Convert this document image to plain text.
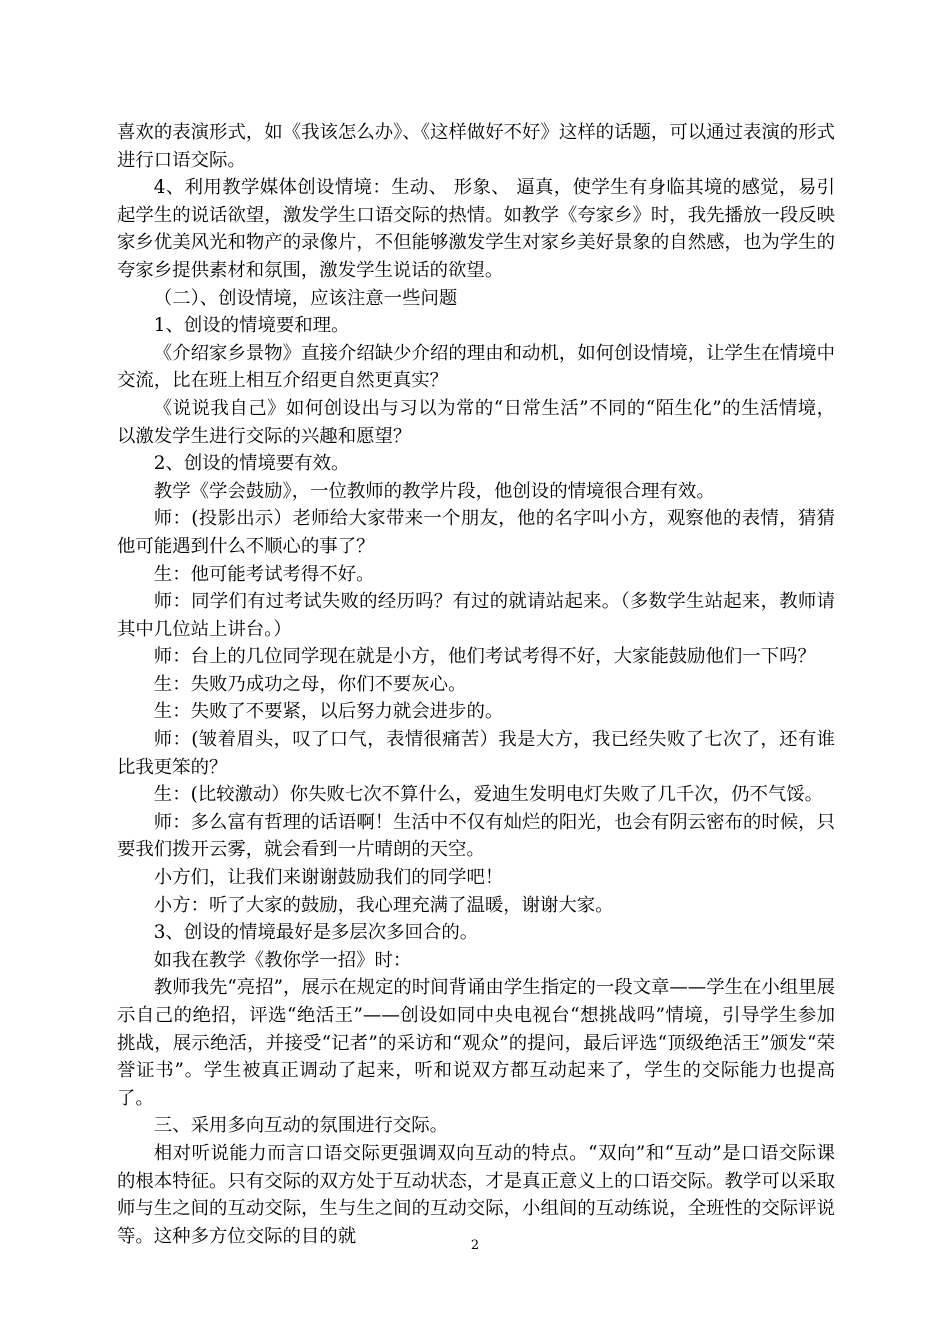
喜欢的表演形式，如《我该怎么办》、《这样做好不好》这样的话题，可以通过表演的形式进行口语交际。

4、利用教学媒体创设情境：生动、 形象、 逼真，使学生有身临其境的感觉，易引起学生的说话欲望，激发学生口语交际的热情。如教学《夸家乡》时，我先播放一段反映家乡优美风光和物产的录像片，不但能够激发学生对家乡美好景象的自然感，也为学生的夸家乡提供素材和氛围，激发学生说话的欲望。

（二）、创设情境，应该注意一些问题

1、创设的情境要和理。

《介绍家乡景物》直接介绍缺少介绍的理由和动机，如何创设情境，让学生在情境中交流，比在班上相互介绍更自然更真实？

《说说我自己》如何创设出与习以为常的“日常生活”不同的“陌生化”的生活情境，以激发学生进行交际的兴趣和愿望？

2、创设的情境要有效。

教学《学会鼓励》，一位教师的教学片段，他创设的情境很合理有效。

师：(投影出示）老师给大家带来一个朋友，他的名字叫小方，观察他的表情，猜猜他可能遇到什么不顺心的事了？

生：他可能考试考得不好。

师：同学们有过考试失败的经历吗？有过的就请站起来。（多数学生站起来，教师请其中几位站上讲台。）

师：台上的几位同学现在就是小方，他们考试考得不好，大家能鼓励他们一下吗？

生：失败乃成功之母，你们不要灰心。

生：失败了不要紧，以后努力就会进步的。

师：(皱着眉头，叹了口气，表情很痛苦）我是大方，我已经失败了七次了，还有谁比我更笨的？

生：(比较激动）你失败七次不算什么，爱迪生发明电灯失败了几千次，仍不气馁。

师：多么富有哲理的话语啊！生活中不仅有灿烂的阳光，也会有阴云密布的时候，只要我们拨开云雾，就会看到一片晴朗的天空。

小方们，让我们来谢谢鼓励我们的同学吧！

小方：听了大家的鼓励，我心理充满了温暖，谢谢大家。

3、创设的情境最好是多层次多回合的。

如我在教学《教你学一招》时：

教师我先“亮招”，展示在规定的时间背诵由学生指定的一段文章——学生在小组里展示自己的绝招，评选“绝活王”——创设如同中央电视台“想挑战吗”情境，引导学生参加挑战，展示绝活，并接受“记者”的采访和“观众”的提问，最后评选“顶级绝活王”颁发“荣誉证书”。学生被真正调动了起来，听和说双方都互动起来了，学生的交际能力也提高了。

三、采用多向互动的氛围进行交际。

相对听说能力而言口语交际更强调双向互动的特点。“双向”和“互动”是口语交际课的根本特征。只有交际的双方处于互动状态，才是真正意义上的口语交际。教学可以采取师与生之间的互动交际，生与生之间的互动交际，小组间的互动练说，全班性的交际评说等。这种多方位交际的目的就	2
